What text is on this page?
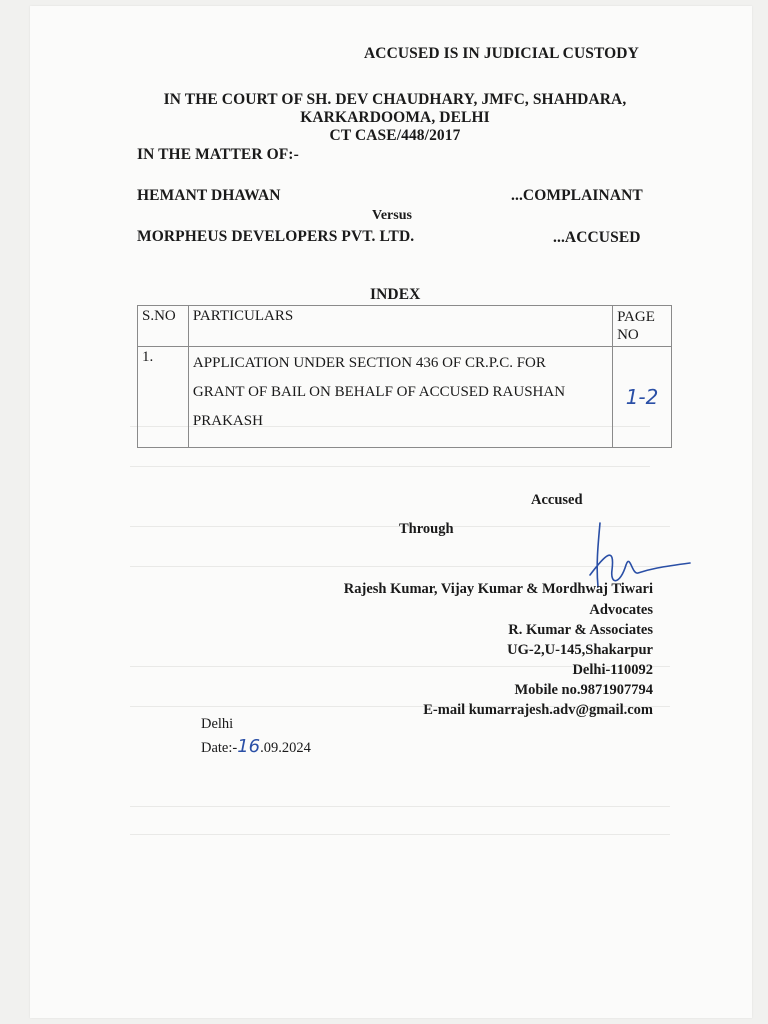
ACCUSED IS IN JUDICIAL CUSTODY
IN THE COURT OF SH. DEV CHAUDHARY, JMFC, SHAHDARA,
KARKARDOOMA, DELHI
CT CASE/448/2017
IN THE MATTER OF:-
HEMANT DHAWAN	...COMPLAINANT
Versus
MORPHEUS DEVELOPERS PVT. LTD.	...ACCUSED
INDEX
S.NO	PARTICULARS	PAGE NO
1.	APPLICATION UNDER SECTION 436 OF CR.P.C. FOR
GRANT OF BAIL ON BEHALF OF ACCUSED RAUSHAN
PRAKASH	1-2
Accused
Through
Rajesh Kumar, Vijay Kumar & Mordhwaj Tiwari
Advocates
R. Kumar & Associates
UG-2,U-145,Shakarpur
Delhi-110092
Mobile no.9871907794
E-mail kumarrajesh.adv@gmail.com
Delhi
Date:-16.09.2024
